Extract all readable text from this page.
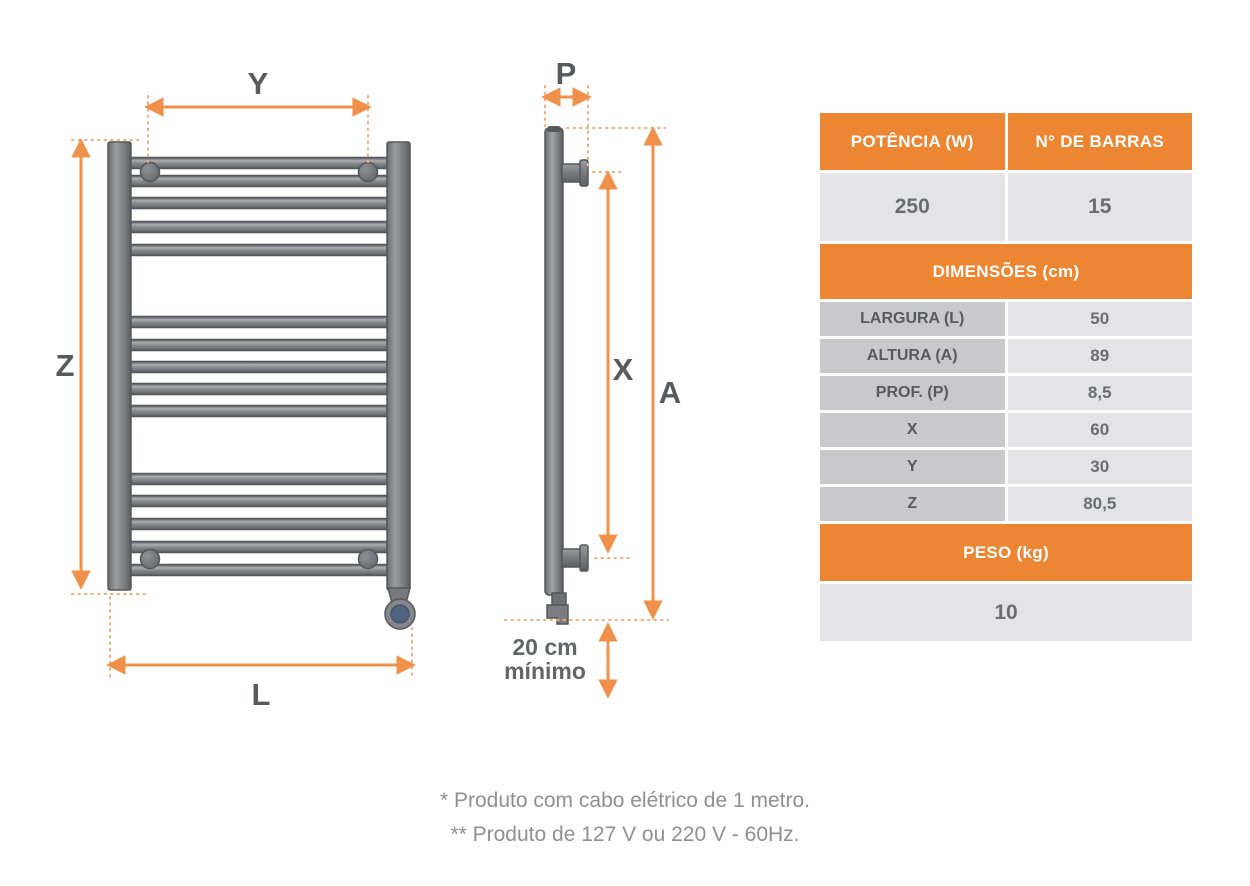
Y
Z
L
P
A
X
20 cm
mínimo
POTÊNCIA (W)	N° DE BARRAS
250	15
DIMENSÕES (cm)
LARGURA (L)	50
ALTURA (A)	89
PROF. (P)	8,5
X	60
Y	30
Z	80,5
PESO (kg)
10
* Produto com cabo elétrico de 1 metro.
** Produto de 127 V ou 220 V - 60Hz.
